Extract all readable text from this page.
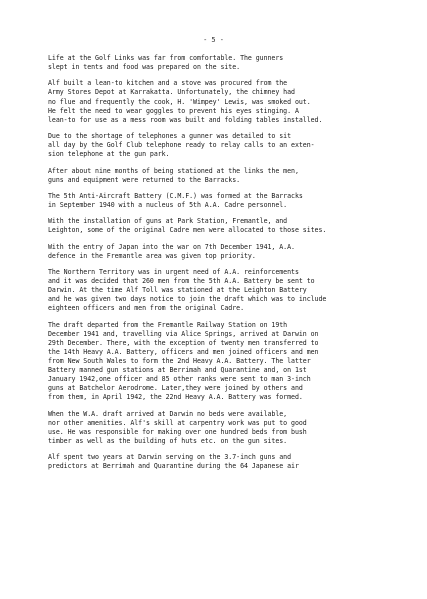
- 5 -

Life at the Golf Links was far from comfortable. The gunners
slept in tents and food was prepared on the site.

Alf built a lean-to kitchen and a stove was procured from the
Army Stores Depot at Karrakatta. Unfortunately, the chimney had
no flue and frequently the cook, H. 'Wimpey' Lewis, was smoked out.
He felt the need to wear goggles to prevent his eyes stinging. A
lean-to for use as a mess room was built and folding tables installed.

Due to the shortage of telephones a gunner was detailed to sit
all day by the Golf Club telephone ready to relay calls to an exten-
sion telephone at the gun park.

After about nine months of being stationed at the links the men,
guns and equipment were returned to the Barracks.

The 5th Anti-Aircraft Battery (C.M.F.) was formed at the Barracks
in September 1940 with a nucleus of 5th A.A. Cadre personnel.

With the installation of guns at Park Station, Fremantle, and
Leighton, some of the original Cadre men were allocated to those sites.

With the entry of Japan into the war on 7th December 1941, A.A.
defence in the Fremantle area was given top priority.

The Northern Territory was in urgent need of A.A. reinforcements
and it was decided that 260 men from the 5th A.A. Battery be sent to
Darwin. At the time Alf Toll was stationed at the Leighton Battery
and he was given two days notice to join the draft which was to include
eighteen officers and men from the original Cadre.

The draft departed from the Fremantle Railway Station on 19th
December 1941 and, travelling via Alice Springs, arrived at Darwin on
29th December. There, with the exception of twenty men transferred to
the 14th Heavy A.A. Battery, officers and men joined officers and men
from New South Wales to form the 2nd Heavy A.A. Battery. The latter
Battery manned gun stations at Berrimah and Quarantine and, on 1st
January 1942,one officer and 85 other ranks were sent to man 3-inch
guns at Batchelor Aerodrome. Later,they were joined by others and
from them, in April 1942, the 22nd Heavy A.A. Battery was formed.

When the W.A. draft arrived at Darwin no beds were available,
nor other amenities. Alf's skill at carpentry work was put to good
use. He was responsible for making over one hundred beds from bush
timber as well as the building of huts etc. on the gun sites.

Alf spent two years at Darwin serving on the 3.7-inch guns and
predictors at Berrimah and Quarantine during the 64 Japanese air
